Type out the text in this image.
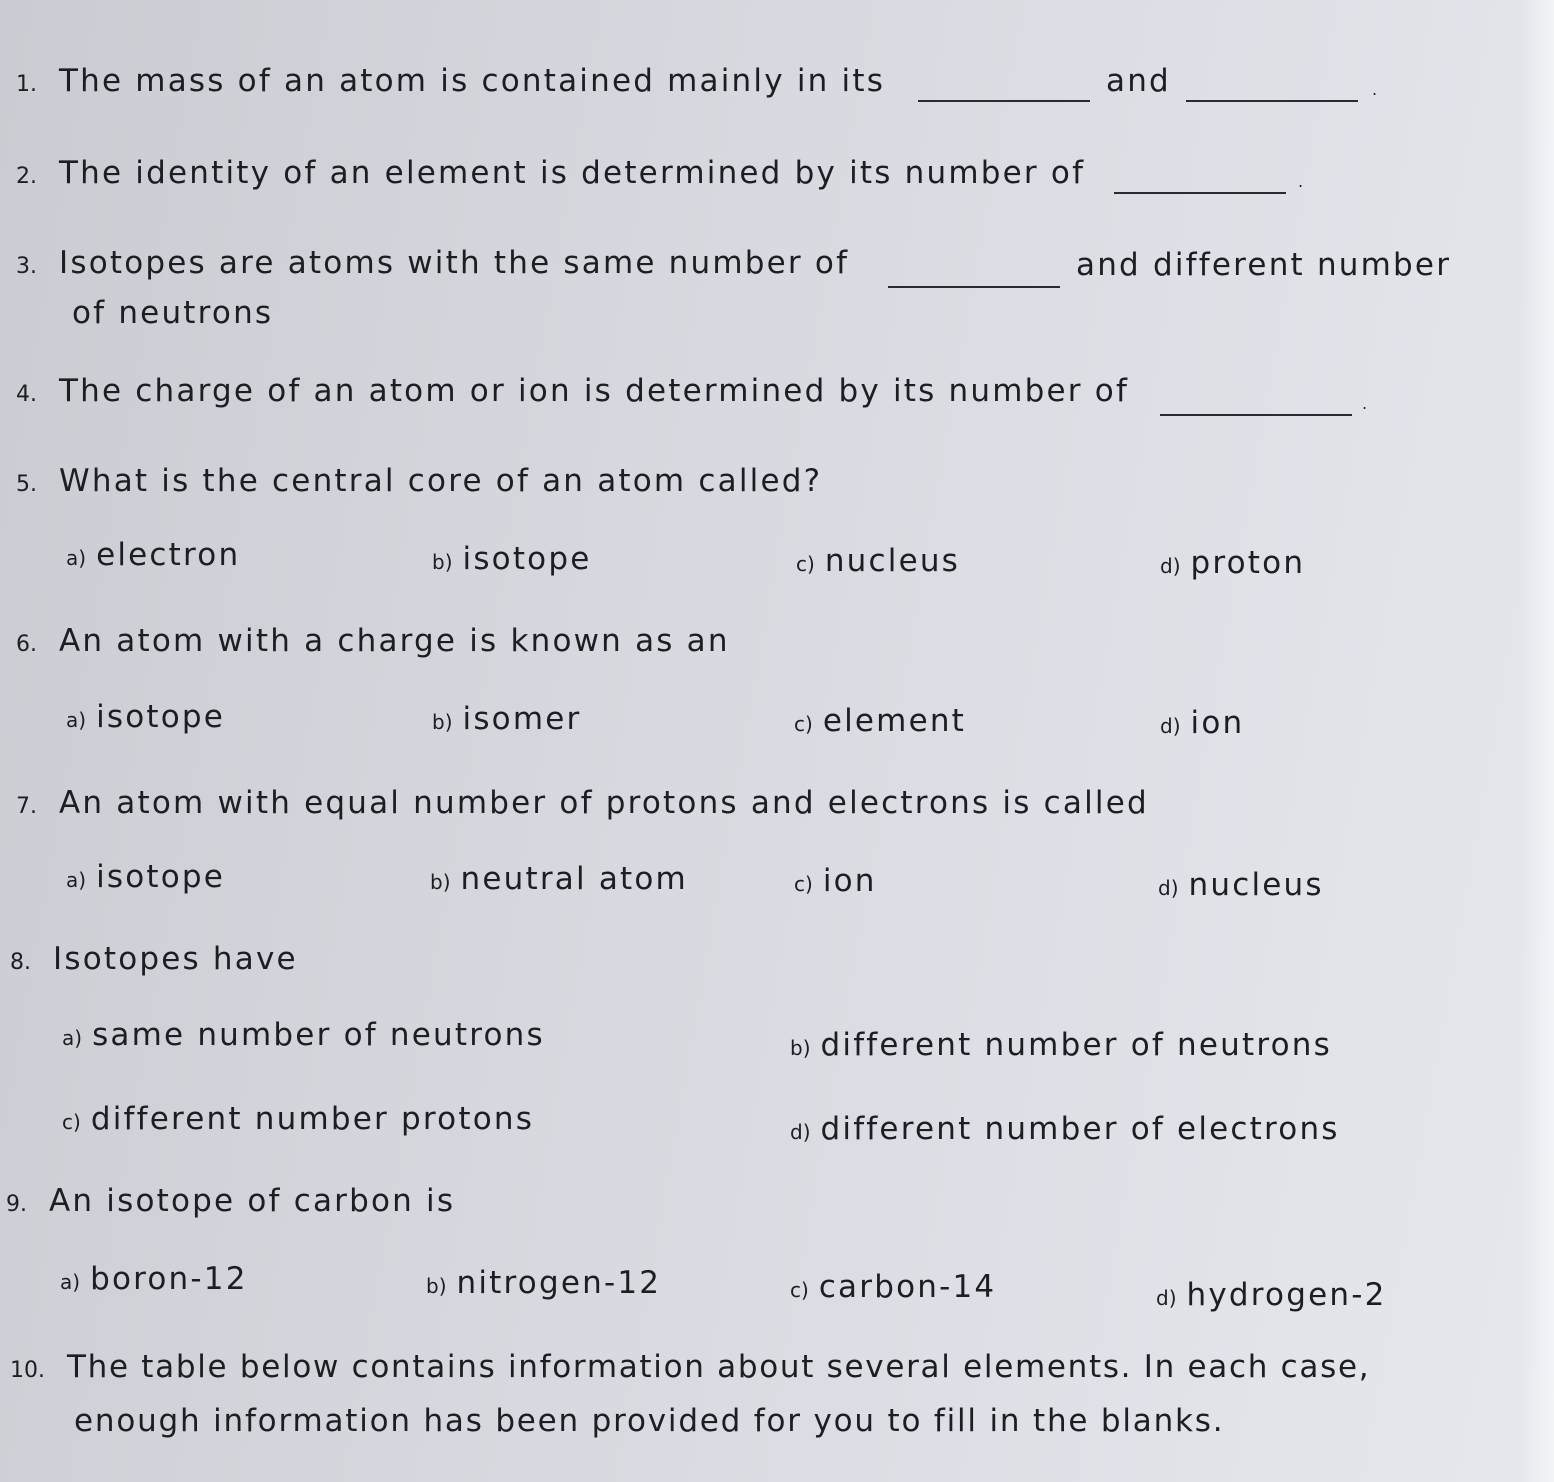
1. The mass of an atom is contained mainly in its	and	.
2. The identity of an element is determined by its number of	.
3. Isotopes are atoms with the same number of	and different number
of neutrons
4. The charge of an atom or ion is determined by its number of	.
5. What is the central core of an atom called?
a) electron	b) isotope	c) nucleus	d) proton
6. An atom with a charge is known as an
a) isotope	b) isomer	c) element	d) ion
7. An atom with equal number of protons and electrons is called
a) isotope	b) neutral atom	c) ion	d) nucleus
8. Isotopes have
a) same number of neutrons	b) different number of neutrons
c) different number protons	d) different number of electrons
9. An isotope of carbon is
a) boron-12	b) nitrogen-12	c) carbon-14	d) hydrogen-2
10. The table below contains information about several elements. In each case,
enough information has been provided for you to fill in the blanks.
